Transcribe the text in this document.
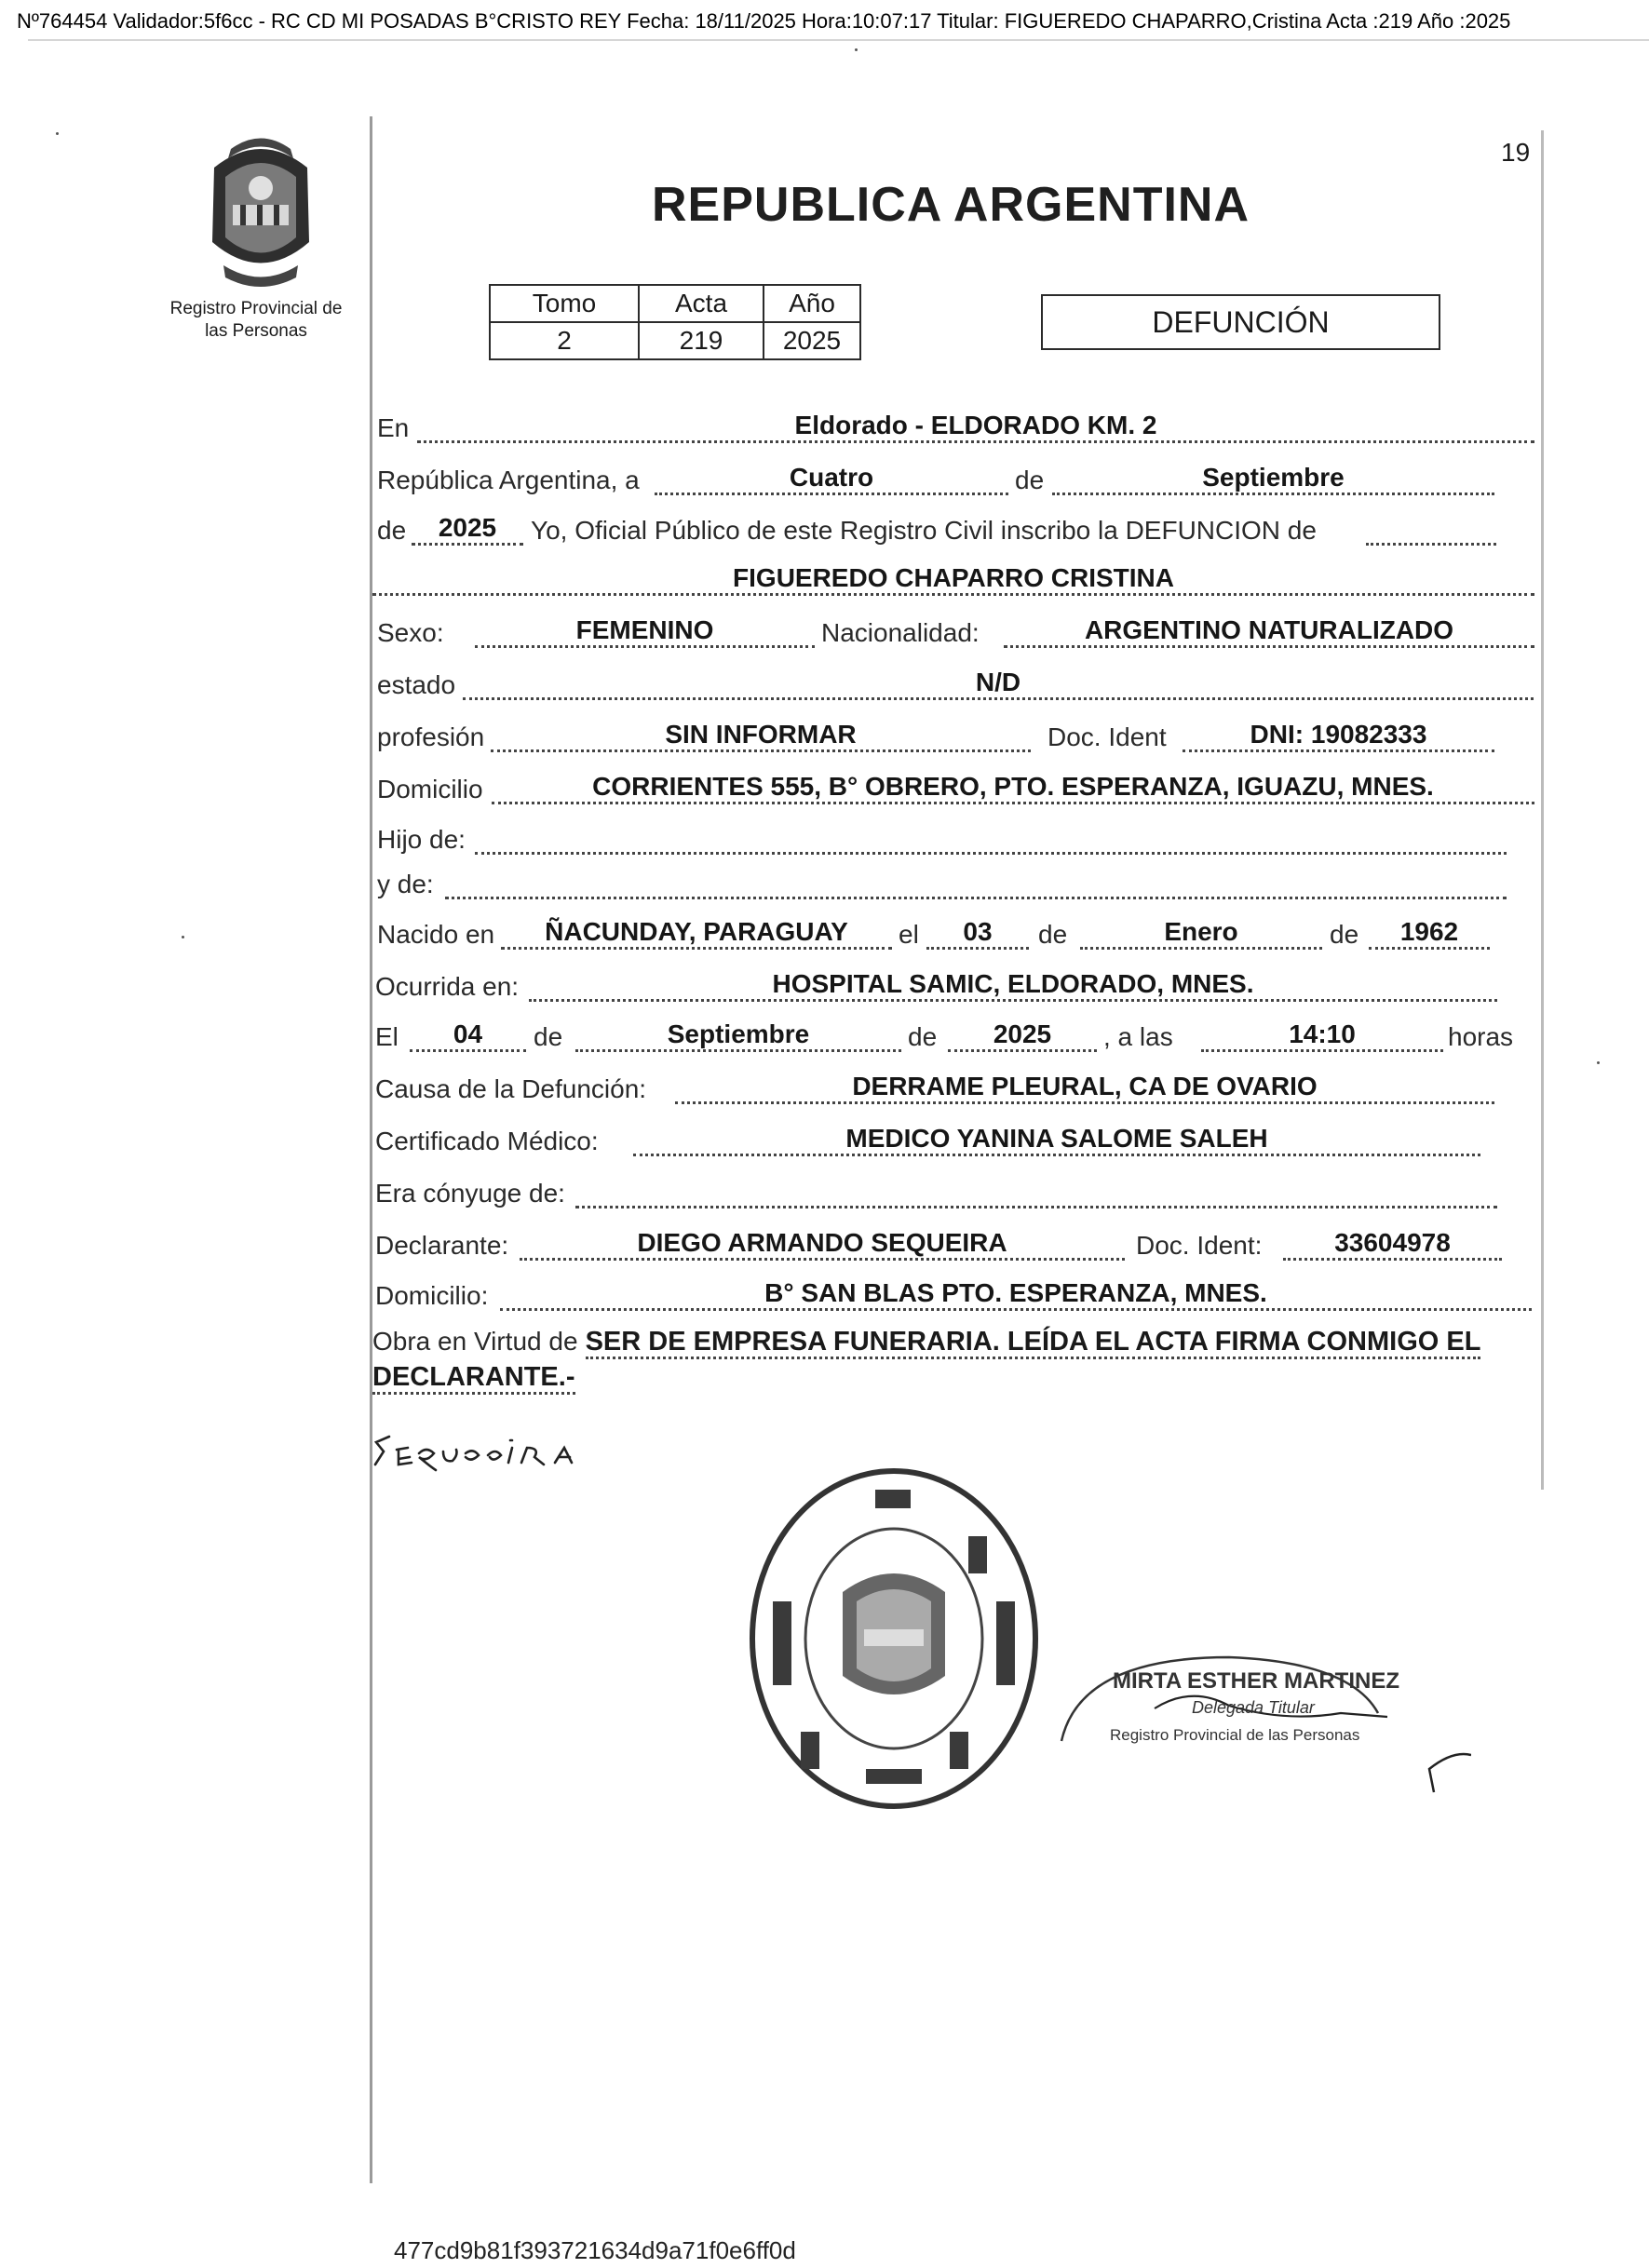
Nº764454 Validador:5f6cc - RC CD MI POSADAS B°CRISTO REY Fecha: 18/11/2025 Hora:10:07:17 Titular: FIGUEREDO CHAPARRO,Cristina Acta :219 Año :2025
Registro Provincial de
las Personas
19
REPUBLICA ARGENTINA
Tomo	Acta	Año
2	219	2025
DEFUNCIÓN
En	Eldorado - ELDORADO KM. 2
República Argentina, a	Cuatro	de	Septiembre
de	2025	Yo, Oficial Público de este Registro Civil inscribo la DEFUNCION de
FIGUEREDO CHAPARRO CRISTINA
Sexo:	FEMENINO	Nacionalidad:	ARGENTINO NATURALIZADO
estado	N/D
profesión	SIN INFORMAR	Doc. Ident	DNI: 19082333
Domicilio	CORRIENTES 555, B° OBRERO, PTO. ESPERANZA, IGUAZU, MNES.
Hijo de:
y de:
Nacido en	ÑACUNDAY, PARAGUAY	el	03	de	Enero	de	1962
Ocurrida en:	HOSPITAL SAMIC, ELDORADO, MNES.
El	04	de	Septiembre	de	2025	, a las	14:10	horas
Causa de la Defunción:	DERRAME PLEURAL, CA DE OVARIO
Certificado Médico:	MEDICO YANINA SALOME SALEH
Era cónyuge de:
Declarante:	DIEGO ARMANDO SEQUEIRA	Doc. Ident:	33604978
Domicilio:	B° SAN BLAS PTO. ESPERANZA, MNES.
Obra en Virtud de SER DE EMPRESA FUNERARIA. LEÍDA EL ACTA FIRMA CONMIGO EL DECLARANTE.-
MIRTA ESTHER MARTINEZ
Delegada Titular
Registro Provincial de las Personas
477cd9b81f393721634d9a71f0e6ff0d
